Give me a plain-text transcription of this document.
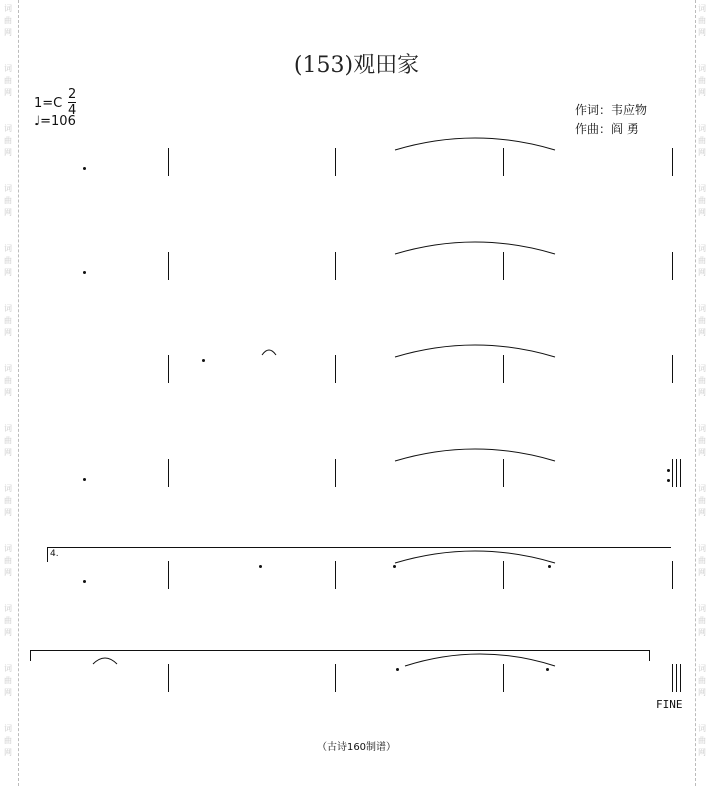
词
曲
网
词
曲
网
词
曲
网
词
曲
网
词
曲
网
词
曲
网
词
曲
网
词
曲
网
词
曲
网
词
曲
网
词
曲
网
词
曲
网
词
曲
网
词
曲
网
词
曲
网
词
曲
网
词
曲
网
词
曲
网
词
曲
网
词
曲
网
词
曲
网
词
曲
网
词
曲
网
词
曲
网
词
曲
网
词
曲
网
(153)观田家
1=C
2
4
♩=106
作词：韦应物
作曲：阎 勇
4.
FINE
（古诗160制谱）
